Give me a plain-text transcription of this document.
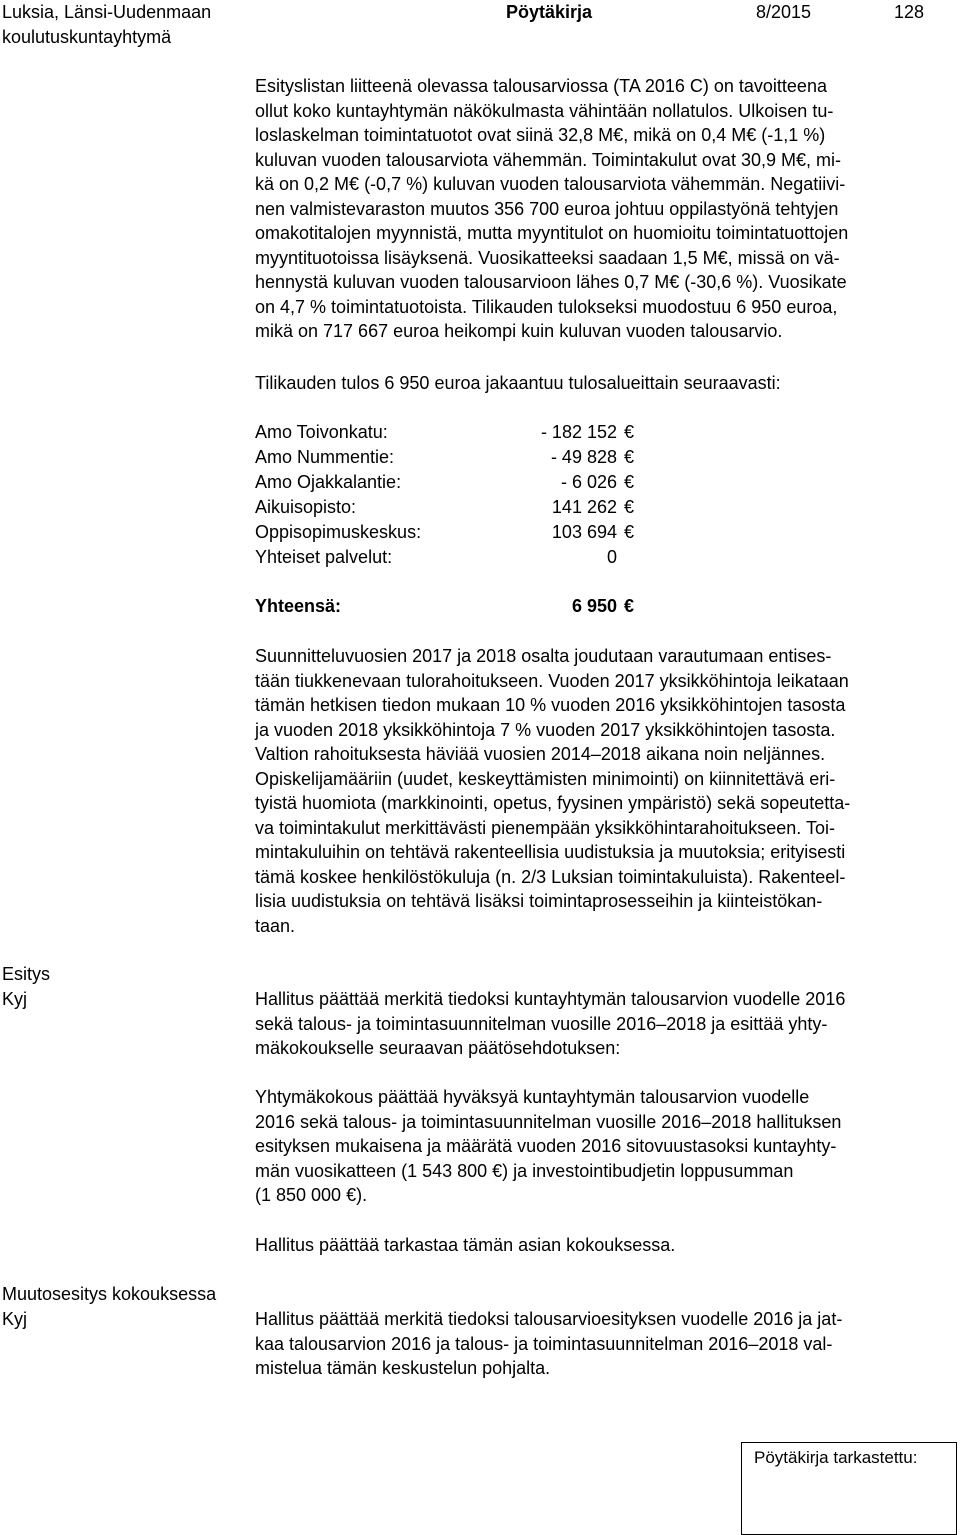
Luksia, Länsi-Uudenmaan
koulutuskuntayhtymä
Pöytäkirja	8/2015	128
Esityslistan liitteenä olevassa talousarviossa (TA 2016 C) on tavoitteena
ollut koko kuntayhtymän näkökulmasta vähintään nollatulos. Ulkoisen tu-
loslaskelman toimintatuotot ovat siinä 32,8 M€, mikä on 0,4 M€ (-1,1 %)
kuluvan vuoden talousarviota vähemmän. Toimintakulut ovat 30,9 M€, mi-
kä on 0,2 M€ (-0,7 %) kuluvan vuoden talousarviota vähemmän. Negatiivi-
nen valmistevaraston muutos 356 700 euroa johtuu oppilastyönä tehtyjen
omakotitalojen myynnistä, mutta myyntitulot on huomioitu toimintatuottojen
myyntituotoissa lisäyksenä. Vuosikatteeksi saadaan 1,5 M€, missä on vä-
hennystä kuluvan vuoden talousarvioon lähes 0,7 M€ (-30,6 %). Vuosikate
on 4,7 % toimintatuotoista. Tilikauden tulokseksi muodostuu 6 950 euroa,
mikä on 717 667 euroa heikompi kuin kuluvan vuoden talousarvio.
Tilikauden tulos 6 950 euroa jakaantuu tulosalueittain seuraavasti:
Amo Toivonkatu:	- 182 152 €
Amo Nummentie:	- 49 828 €
Amo Ojakkalantie:	- 6 026 €
Aikuisopisto:	141 262 €
Oppisopimuskeskus:	103 694 €
Yhteiset palvelut:	0
Yhteensä:	6 950 €
Suunnitteluvuosien 2017 ja 2018 osalta joudutaan varautumaan entises-
tään tiukkenevaan tulorahoitukseen. Vuoden 2017 yksikköhintoja leikataan
tämän hetkisen tiedon mukaan 10 % vuoden 2016 yksikköhintojen tasosta
ja vuoden 2018 yksikköhintoja 7 % vuoden 2017 yksikköhintojen tasosta.
Valtion rahoituksesta häviää vuosien 2014–2018 aikana noin neljännes.
Opiskelijamääriin (uudet, keskeyttämisten minimointi) on kiinnitettävä eri-
tyistä huomiota (markkinointi, opetus, fyysinen ympäristö) sekä sopeutetta-
va toimintakulut merkittävästi pienempään yksikköhintarahoitukseen. Toi-
mintakuluihin on tehtävä rakenteellisia uudistuksia ja muutoksia; erityisesti
tämä koskee henkilöstökuluja (n. 2/3 Luksian toimintakuluista). Rakenteel-
lisia uudistuksia on tehtävä lisäksi toimintaprosesseihin ja kiinteistökan-
taan.
Esitys
Kyj	Hallitus päättää merkitä tiedoksi kuntayhtymän talousarvion vuodelle 2016
sekä talous- ja toimintasuunnitelman vuosille 2016–2018 ja esittää yhty-
mäkokoukselle seuraavan päätösehdotuksen:
Yhtymäkokous päättää hyväksyä kuntayhtymän talousarvion vuodelle
2016 sekä talous- ja toimintasuunnitelman vuosille 2016–2018 hallituksen
esityksen mukaisena ja määrätä vuoden 2016 sitovuustasoksi kuntayhty-
män vuosikatteen (1 543 800 €) ja investointibudjetin loppusumman
(1 850 000 €).
Hallitus päättää tarkastaa tämän asian kokouksessa.
Muutosesitys kokouksessa
Kyj	Hallitus päättää merkitä tiedoksi talousarvioesityksen vuodelle 2016 ja jat-
kaa talousarvion 2016 ja talous- ja toimintasuunnitelman 2016–2018 val-
mistelua tämän keskustelun pohjalta.
Pöytäkirja tarkastettu:
